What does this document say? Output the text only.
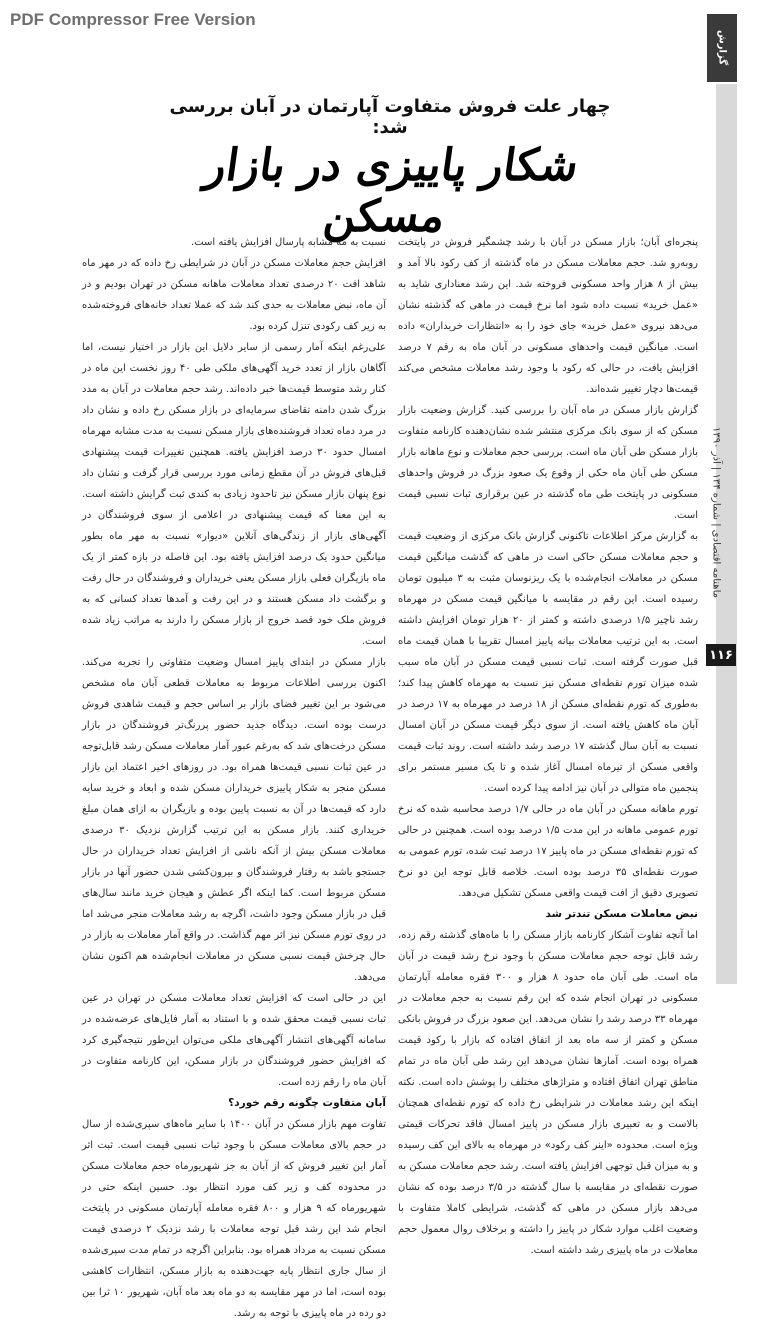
PDF Compressor Free Version
گزارش
ماهنامه اقتصادی | شماره ۱۳۴ | آذر ۱۳۹۰
۱۱۶
چهار علت فروش متفاوت آپارتمان در آبان بررسی شد:
شکار پاییزی در بازار مسکن

پنجره‌ای آبان؛ بازار مسکن در آبان با رشد چشمگیر فروش در پایتخت روبه‌رو شد. حجم معاملات مسکن در ماه گذشته از کف رکود بالا آمد و بیش از ۸ هزار واحد مسکونی فروخته شد. این رشد معناداری شاید به «عمل خرید» نسبت داده شود اما نرخ قیمت در ماهی که گذشته نشان می‌دهد نیروی «عمل خرید» جای خود را به «انتظارات خریداران» داده است. میانگین قیمت واحدهای مسکونی در آبان ماه به رقم ۷ درصد افزایش یافت، در حالی که رکود با وجود رشد معاملات مشخص می‌کند قیمت‌ها دچار تغییر شده‌اند.

گزارش بازار مسکن در ماه آبان را بررسی کنید. گزارش وضعیت بازار مسکن که از سوی بانک مرکزی منتشر شده نشان‌دهنده کارنامه متفاوت بازار مسکن طی آبان ماه است. بررسی حجم معاملات و نوع ماهانه بازار مسکن طی آبان ماه حکی از وقوع یک صعود بزرگ در فروش واحدهای مسکونی در پایتخت طی ماه گذشته در عین برقراری ثبات نسبی قیمت است.

به گزارش مرکز اطلاعات تاکنونی گزارش بانک مرکزی از وضعیت قیمت و حجم معاملات مسکن حاکی است در ماهی که گذشت میانگین قیمت مسکن در معاملات انجام‌شده با یک ریزنوسان مثبت به ۳ میلیون تومان رسیده است. این رقم در مقایسه با میانگین قیمت مسکن در مهرماه رشد ناچیز ۱/۵ درصدی داشته و کمتر از ۲۰ هزار تومان افزایش داشته است. به این ترتیب معاملات بیانه پاییز امسال تقریبا با همان قیمت ماه قبل صورت گرفته است. ثبات نسبی قیمت مسکن در آبان ماه سبب شده میزان تورم نقطه‌ای مسکن نیز نسبت به مهرماه کاهش پیدا کند؛ به‌طوری که تورم نقطه‌ای مسکن از ۱۸ درصد در مهرماه به ۱۷ درصد در آبان ماه کاهش یافته است. از سوی دیگر قیمت مسکن در آبان امسال نسبت به آبان سال گذشته ۱۷ درصد رشد داشته است. روند ثبات قیمت واقعی مسکن از تیرماه امسال آغاز شده و تا یک مسیر مستمر برای پنجمین ماه متوالی در آبان نیز ادامه پیدا کرده است.

تورم ماهانه مسکن در آبان ماه در حالی ۱/۷ درصد محاسبه شده که نرخ تورم عمومی ماهانه در این مدت ۱/۵ درصد بوده است. همچنین در حالی که تورم نقطه‌ای مسکن در ماه پاییز ۱۷ درصد ثبت شده، تورم عمومی به صورت نقطه‌ای ۳۵ درصد بوده است. خلاصه قابل توجه این دو نرخ تصویری دقیق از افت قیمت واقعی مسکن تشکیل می‌دهد.

نبض معاملات مسکن تندتر شد

اما آنچه تفاوت آشکار کارنامه بازار مسکن را با ماه‌های گذشته رقم زده، رشد قابل توجه حجم معاملات مسکن با وجود نرخ رشد قیمت در آبان ماه است. طی آبان ماه حدود ۸ هزار و ۳۰۰ فقره معامله آپارتمان مسکونی در تهران انجام شده که این رقم نسبت به حجم معاملات در مهرماه ۳۳ درصد رشد را نشان می‌دهد. این صعود بزرگ در فروش بانکی مسکن و کمتر از سه ماه بعد از اتفاق افتاده که بازار با رکود قیمت همراه بوده است. آمارها نشان می‌دهد این رشد طی آبان ماه در تمام مناطق تهران اتفاق افتاده و متراژهای مختلف را پوشش داده است. نکته اینکه این رشد معاملات در شرایطی رخ داده که تورم نقطه‌ای همچنان بالاست و به تعبیری بازار مسکن در پاییز امسال فاقد تحرکات قیمتی ویژه است. محدوده «اینر کف رکود» در مهرماه به بالای این کف رسیده و به میزان قبل توجهی افزایش یافته است. رشد حجم معاملات مسکن به صورت نقطه‌ای در مقایسه با سال گذشته در ۳/۵ درصد بوده که نشان می‌دهد بازار مسکن در ماهی که گذشت، شرایطی کاملا متفاوت با وضعیت اغلب موارد شکار در پاییز را داشته و برخلاف روال معمول حجم معاملات در ماه پاییزی رشد داشته است.

نسبت به مه مشابه پارسال افزایش یافته است.

افزایش حجم معاملات مسکن در آبان در شرایطی رخ داده که در مهر ماه شاهد افت ۲۰ درصدی تعداد معاملات ماهانه مسکن در تهران بودیم و در آن ماه، نبض معاملات به حدی کند شد که عملا تعداد خانه‌های فروخته‌شده به زیر کف رکودی تنزل کرده بود.

علی‌رغم اینکه آمار رسمی از سایر دلایل این بازار در اختیار نیست، اما آگاهان بازار از تعدد خرید آگهی‌های ملکی طی ۴۰ روز نخست این ماه در کنار رشد متوسط قیمت‌ها خبر داده‌اند. رشد حجم معاملات در آبان به مدد بزرگ شدن دامنه تقاضای سرمایه‌ای در بازار مسکن رخ داده و نشان داد در مرد دماه تعداد فروشنده‌های بازار مسکن نسبت به مدت مشابه مهرماه امسال حدود ۳۰ درصد افزایش یافته. همچنین تغییرات قیمت پیشنهادی قبل‌های فروش در آن مقطع زمانی مورد بررسی قرار گرفت و نشان داد نوع پنهان بازار مسکن نیز تاحدود زیادی به کندی ثبت گرایش داشته است. به این معنا که قیمت پیشنهادی در اعلامی از سوی فروشندگان در آگهی‌های بازار از زندگی‌های آنلاین «دیوار» نسبت به مهر ماه بطور میانگین حدود یک درصد افزایش یافته بود. این فاصله در بازه کمتر از یک ماه بازیگران فعلی بازار مسکن یعنی خریداران و فروشندگان در حال رفت و برگشت داد مسکن هستند و در این رفت و آمدها تعداد کسانی که به فروش ملک خود قصد خروج از بازار مسکن را دارند به مراتب زیاد شده است.

بازار مسکن در ابتدای پاییز امسال وضعیت متفاوتی را تجربه می‌کند. اکنون بررسی اطلاعات مربوط به معاملات قطعی آبان ماه مشخص می‌شود بر این تغییر فضای بازار بر اساس حجم و قیمت شاهدی فروش درست بوده است. دیدگاه جدید حضور پررنگ‌تر فروشندگان در بازار مسکن درخت‌های شد که به‌رغم عبور آمار معاملات مسکن رشد قابل‌توجه در عین ثبات نسبی قیمت‌ها همراه بود. در روزهای اخیر اعتماد این بازار مسکن منجر به شکار پاییزی خریداران مسکن شده و ابعاد و خرید سایه دارد که قیمت‌ها در آن به نسبت پایین بوده و بازیگران به ازای همان مبلغ خریداری کنند. بازار مسکن به این ترتیب گزارش نزدیک ۳۰ درصدی معاملات مسکن بیش از آنکه ناشی از افزایش تعداد خریداران در حال جستجو باشد به رفتار فروشندگان و بیرون‌کشی شدن حضور آنها در بازار مسکن مربوط است. کما اینکه اگر عطش و هیجان خرید مانند سال‌های قبل در بازار مسکن وجود داشت، اگرچه به رشد معاملات منجر می‌شد اما در روی تورم مسکن نیز اثر مهم گذاشت. در واقع آمار معاملات به بازار در حال چرخش قیمت نسبی مسکن در معاملات انجام‌شده هم اکنون نشان می‌دهد.

این در حالی است که افزایش تعداد معاملات مسکن در تهران در عین ثبات نسبی قیمت محقق شده و با استناد به آمار فایل‌های عرضه‌شده در سامانه آگهی‌های انتشار آگهی‌های ملکی می‌توان این‌طور نتیجه‌گیری کرد که افزایش حضور فروشندگان در بازار مسکن، این کارنامه متفاوت در آبان ماه را رقم زده است.

آبان متفاوت چگونه رقم خورد؟

تفاوت مهم بازار مسکن در آبان ۱۴۰۰ با سایر ماه‌های سپری‌شده از سال در حجم بالای معاملات مسکن با وجود ثبات نسبی قیمت است. ثبت اثر آمار این تغییر فروش که از آبان به جز شهریورماه حجم معاملات مسکن در محدوده کف و زیر کف مورد انتظار بود. حسین اینکه حتی در شهریورماه که ۹ هزار و ۸۰۰ فقره معامله آپارتمان مسکونی در پایتخت انجام شد این رشد قبل توجه معاملات با رشد نزدیک ۲ درصدی قیمت مسکن نسبت به مرداد همراه بود. بنابراین اگرچه در تمام مدت سپری‌شده از سال جاری انتظار پایه جهت‌دهنده به بازار مسکن، انتظارات کاهشی بوده است، اما در مهر مقایسه به دو ماه بعد ماه آبان، شهریور ۱۰ ثرا بین دو رده در ماه پاییزی با توجه به رشد.
